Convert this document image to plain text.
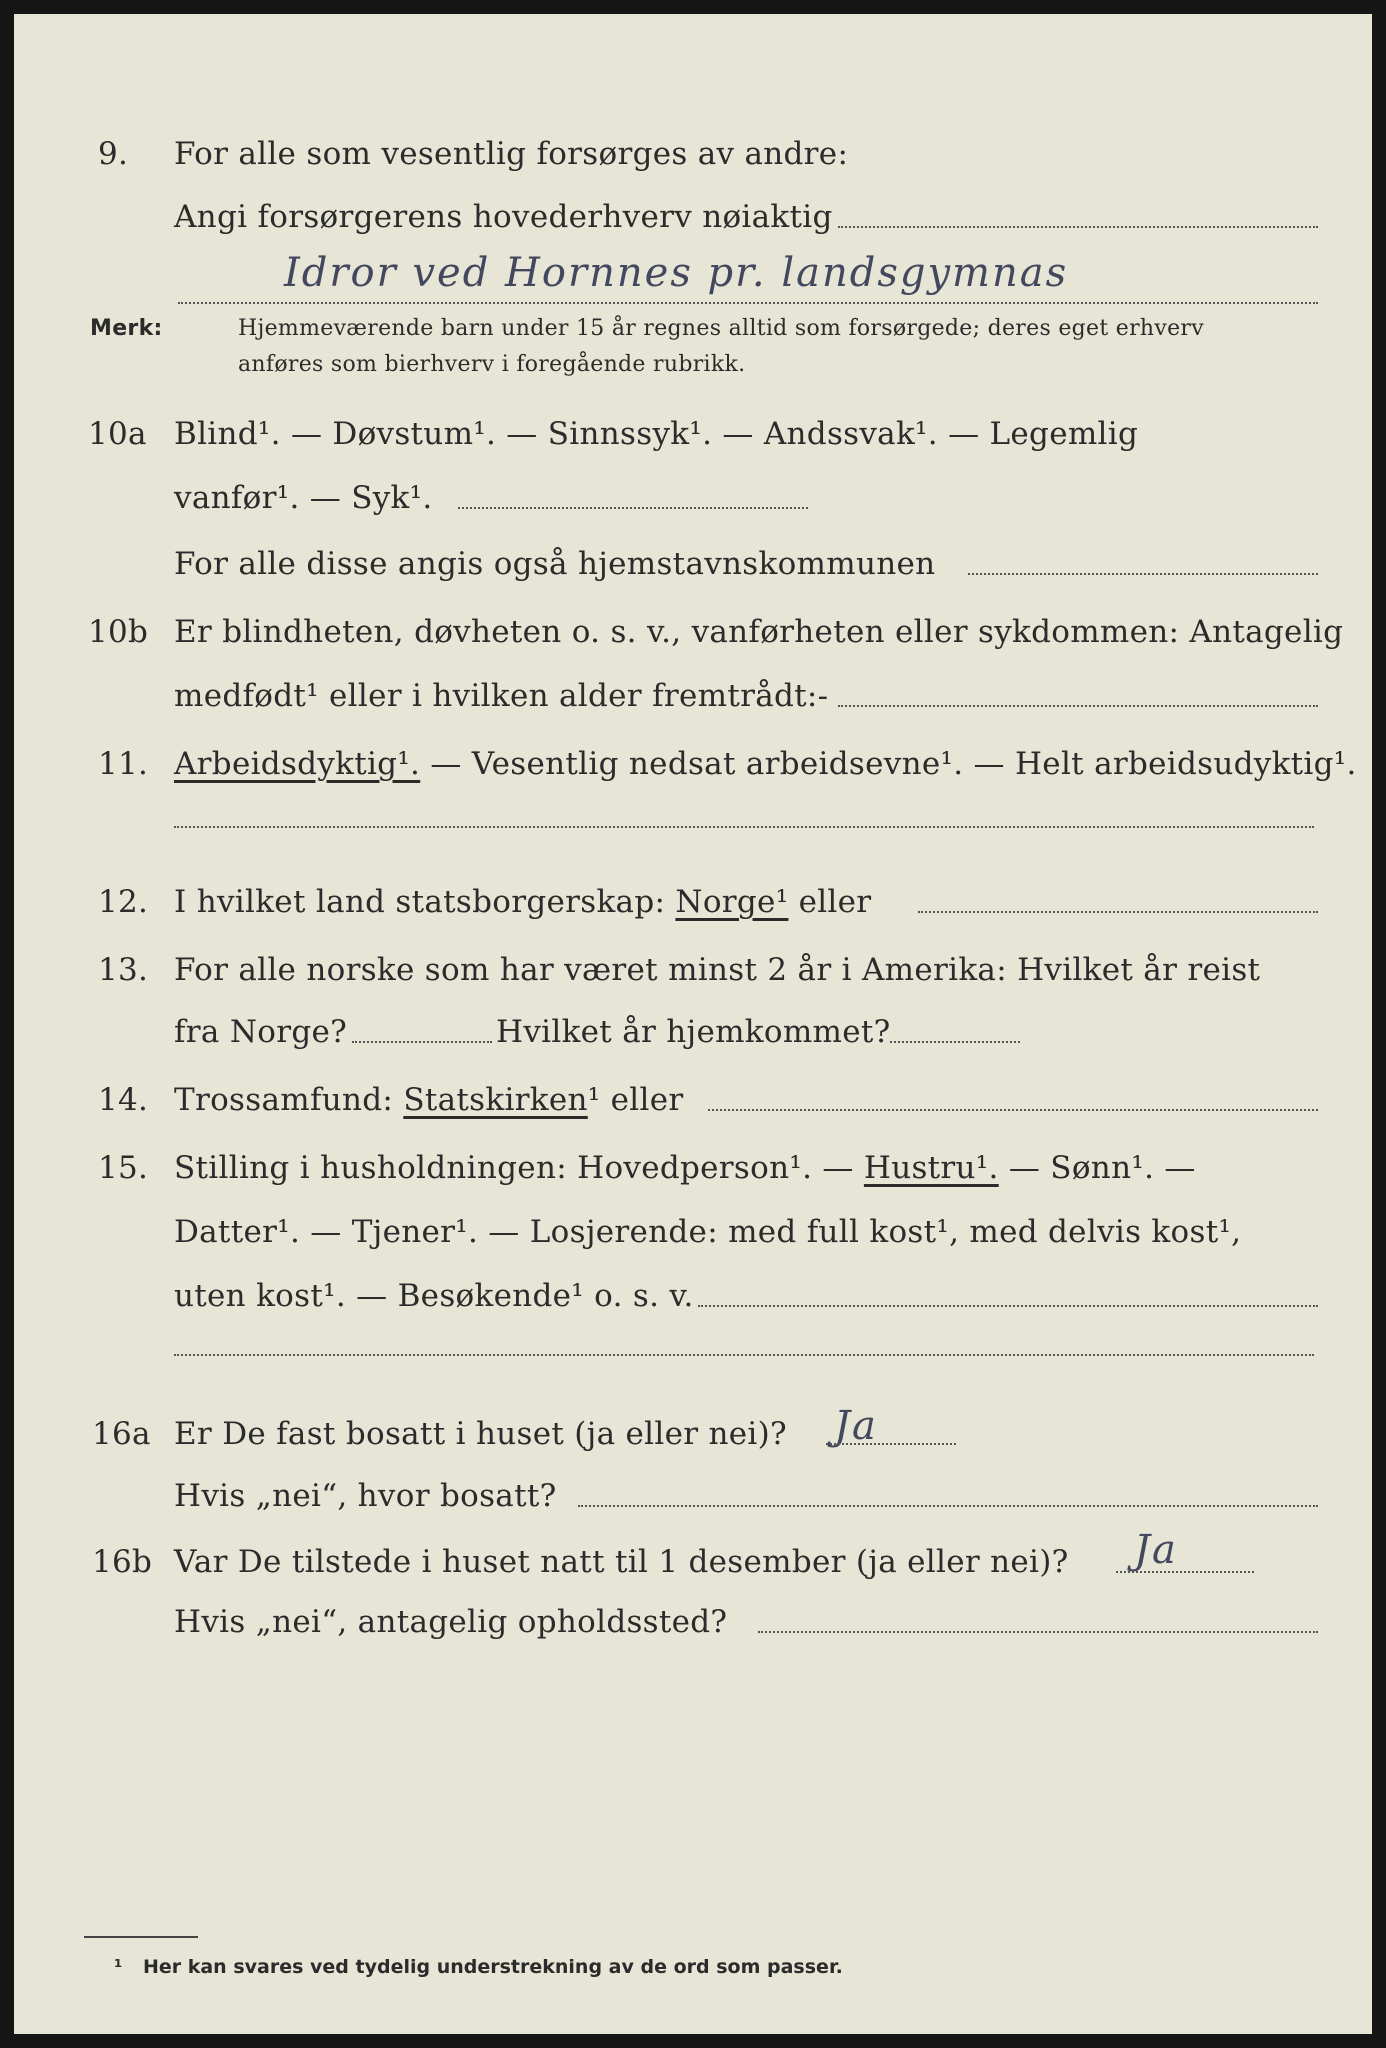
9. For alle som vesentlig forsørges av andre:
Angi forsørgerens hovederhverv nøiaktig
Idror ved Hornnes pr. landsgymnas
Merk:	Hjemmeværende barn under 15 år regnes alltid som forsørgede; deres eget erhverv
anføres som bierhverv i foregående rubrikk.
10a Blind¹. — Døvstum¹. — Sinnssyk¹. — Andssvak¹. — Legemlig
vanfør¹. — Syk¹.
For alle disse angis også hjemstavnskommunen
10b Er blindheten, døvheten o. s. v., vanførheten eller sykdommen: Antagelig
medfødt¹ eller i hvilken alder fremtrådt:-
11. Arbeidsdyktig¹. — Vesentlig nedsat arbeidsevne¹. — Helt arbeidsudyktig¹.
12. I hvilket land statsborgerskap: Norge¹ eller
13. For alle norske som har været minst 2 år i Amerika: Hvilket år reist
fra Norge?	Hvilket år hjemkommet?
14. Trossamfund: Statskirken¹ eller
15. Stilling i husholdningen: Hovedperson¹. — Hustru¹. — Sønn¹. —
Datter¹. — Tjener¹. — Losjerende: med full kost¹, med delvis kost¹,
uten kost¹. — Besøkende¹ o. s. v.
16a Er De fast bosatt i huset (ja eller nei)? Ja
Hvis „nei“, hvor bosatt?
16b Var De tilstede i huset natt til 1 desember (ja eller nei)? Ja
Hvis „nei“, antagelig opholdssted?
¹ Her kan svares ved tydelig understrekning av de ord som passer.
